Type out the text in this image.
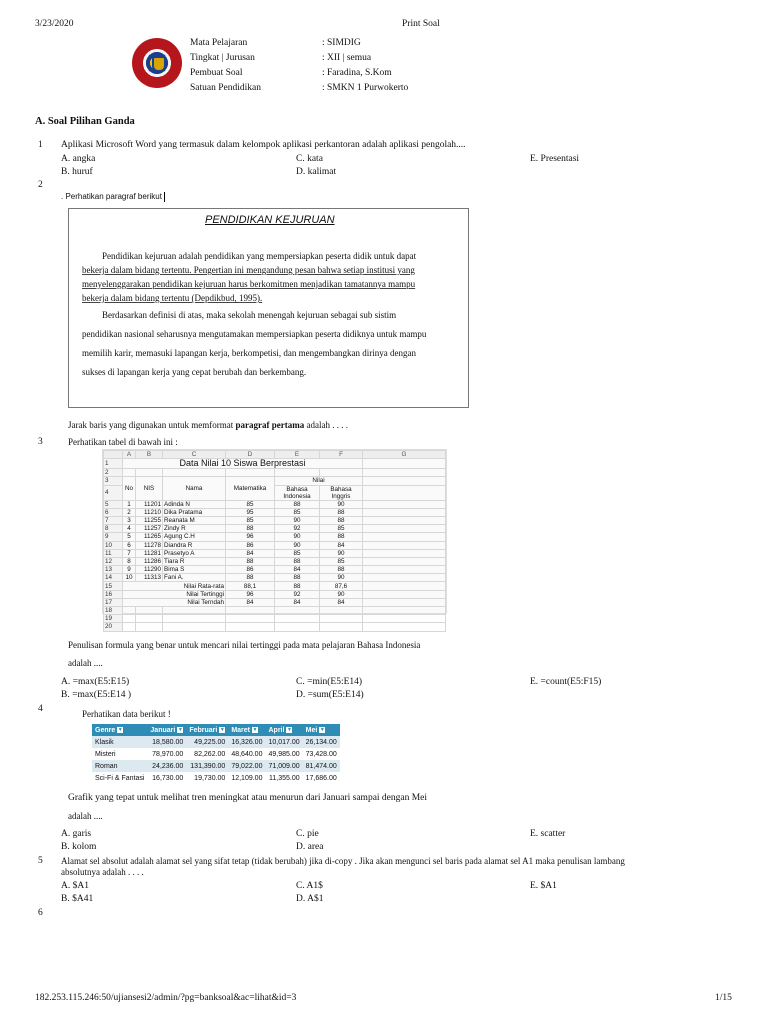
3/23/2020	Print Soal
Mata Pelajaran	: SIMDIG
Tingkat | Jurusan	: XII | semua
Pembuat Soal	: Faradina, S.Kom
Satuan Pendidikan	: SMKN 1 Purwokerto
A. Soal Pilihan Ganda
1 Aplikasi Microsoft Word yang termasuk dalam kelompok aplikasi perkantoran adalah aplikasi pengolah....
A. angka	C. kata	E. Presentasi
B. huruf	D. kalimat
2
. Perhatikan paragraf berikut
PENDIDIKAN KEJURUAN
Pendidikan kejuruan adalah pendidikan yang mempersiapkan peserta didik untuk dapat
bekerja dalam bidang tertentu. Pengertian ini mengandung pesan bahwa setiap institusi yang
menyelenggarakan pendidikan kejuruan harus berkomitmen menjadikan tamatannya mampu
bekerja dalam bidang tertentu (Depdikbud, 1995).
Berdasarkan definisi di atas, maka sekolah menengah kejuruan sebagai sub sistim
pendidikan nasional seharusnya mengutamakan mempersiapkan peserta didiknya untuk mampu
memilih karir, memasuki lapangan kerja, berkompetisi, dan mengembangkan dirinya dengan
sukses di lapangan kerja yang cepat berubah dan berkembang.
Jarak baris yang digunakan untuk memformat paragraf pertama adalah . . . .
3	Perhatikan tabel di bawah ini :
	A	B	C	D	E	F	G
1	Data Nilai 10 Siswa Berprestasi						
2							
3	No	NIS	Nama	Matematika	Nilai		
4					Bahasa Indonesia	Bahasa Inggris	
5	1	11201	Adinda N	85	88	90	
6	2	11210	Dika Pratama	95	85	88	
7	3	11255	Reanata M	85	90	88	
8	4	11257	Zindy R	88	92	85	
9	5	11265	Agung C.H	96	90	88	
10	6	11278	Diandra R	86	90	84	
11	7	11281	Prasetyo A	84	85	90	
12	8	11286	Tiara R	88	88	85	
13	9	11290	Bima S	86	84	88	
14	10	11313	Fani A.	88	88	90	
15	Nilai Rata-rata			88,1	88	87,6	
16	Nilai Tertinggi			96	92	90	
17	Nilai Terndah			84	84	84	
18							
19							
20							
Penulisan formula yang benar untuk mencari nilai tertinggi pada mata pelajaran Bahasa Indonesia
adalah ....
A. =max(E5:E15)	C. =min(E5:E14)	E. =count(E5:F15)
B. =max(E5:E14 )	D. =sum(E5:E14)
4	Perhatikan data berikut !
Genre ▼	Januari ▼	Februari ▼	Maret ▼	April ▼	Mei ▼
Klasik	18,580.00	49,225.00	16,326.00	10,017.00	26,134.00
Misteri	78,970.00	82,262.00	48,640.00	49,985.00	73,428.00
Roman	24,236.00	131,390.00	79,022.00	71,009.00	81,474.00
Sci-Fi & Fantasi	16,730.00	19,730.00	12,109.00	11,355.00	17,686.00
Grafik yang tepat untuk melihat tren meningkat atau menurun dari Januari sampai dengan Mei
adalah ....
A. garis	C. pie	E. scatter
B. kolom	D. area
5 Alamat sel absolut adalah alamat sel yang sifat tetap (tidak berubah) jika di-copy . Jika akan mengunci sel baris pada alamat sel A1 maka penulisan lambang
absolutnya adalah . . . .
A. $A1	C. A1$	E. $A1
B. $A41	D. A$1
6
182.253.115.246:50/ujiansesi2/admin/?pg=banksoal&ac=lihat&id=3	1/15
